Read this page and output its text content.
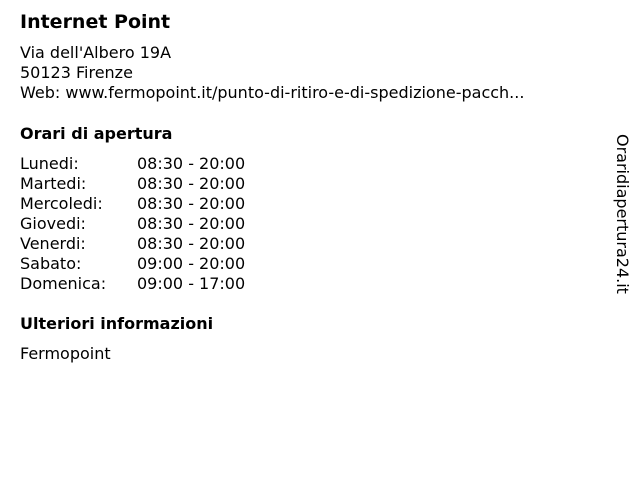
Internet Point
Via dell'Albero 19A
50123 Firenze
Web: www.fermopoint.it/punto-di-ritiro-e-di-spedizione-pacch...
Orari di apertura
Lunedi:	08:30 - 20:00
Martedi:	08:30 - 20:00
Mercoledi:	08:30 - 20:00
Giovedi:	08:30 - 20:00
Venerdi:	08:30 - 20:00
Sabato:	09:00 - 20:00
Domenica:	09:00 - 17:00
Ulteriori informazioni
Fermopoint
Oraridiapertura24.it
